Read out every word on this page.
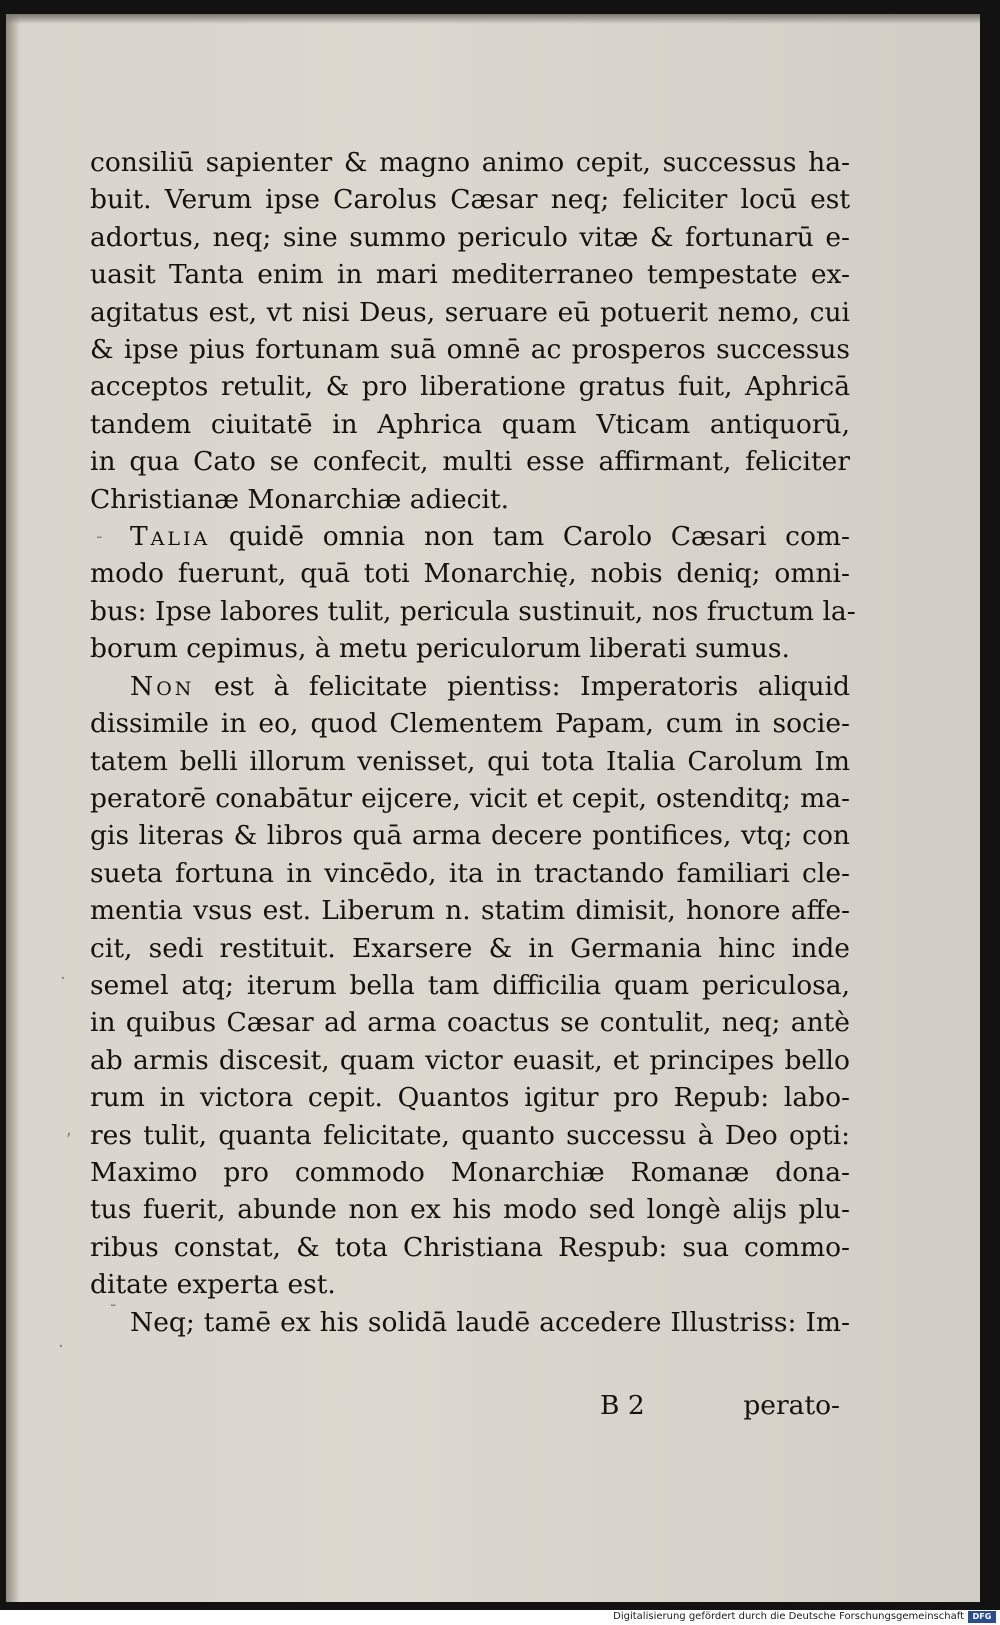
-
·
,
-
·
consiliū sapienter & magno animo cepit, successus ha-
buit. Verum ipse Carolus Cæsar neq; feliciter locū est
adortus, neq; sine summo periculo vitæ & fortunarū e-
uasit Tanta enim in mari mediterraneo tempestate ex-
agitatus est, vt nisi Deus, seruare eū potuerit nemo, cui
& ipse pius fortunam suā omnē ac prosperos successus
acceptos retulit, & pro liberatione gratus fuit, Aphricā
tandem ciuitatē in Aphrica quam Vticam antiquorū,
in qua Cato se confecit, multi esse affirmant, feliciter
Christianæ Monarchiæ adiecit.
Talia quidē omnia non tam Carolo Cæsari com-
modo fuerunt, quā toti Monarchię, nobis deniq; omni-
bus: Ipse labores tulit, pericula sustinuit, nos fructum la-
borum cepimus, à metu periculorum liberati sumus.
Non est à felicitate pientiss: Imperatoris aliquid
dissimile in eo, quod Clementem Papam, cum in socie-
tatem belli illorum venisset, qui tota Italia Carolum Im
peratorē conabātur eijcere, vicit et cepit, ostenditq; ma-
gis literas & libros quā arma decere pontifices, vtq; con
sueta fortuna in vincēdo, ita in tractando familiari cle-
mentia vsus est. Liberum n. statim dimisit, honore affe-
cit, sedi restituit. Exarsere & in Germania hinc inde
semel atq; iterum bella tam difficilia quam periculosa,
in quibus Cæsar ad arma coactus se contulit, neq; antè
ab armis discesit, quam victor euasit, et principes bello
rum in victora cepit. Quantos igitur pro Repub: labo-
res tulit, quanta felicitate, quanto successu à Deo opti:
Maximo pro commodo Monarchiæ Romanæ dona-
tus fuerit, abunde non ex his modo sed longè alijs plu-
ribus constat, & tota Christiana Respub: sua commo-
ditate experta est.
Neq; tamē ex his solidā laudē accedere Illustriss: Im-
B 2	perato-
Digitalisierung gefördert durch die Deutsche Forschungsgemeinschaft	DFG
